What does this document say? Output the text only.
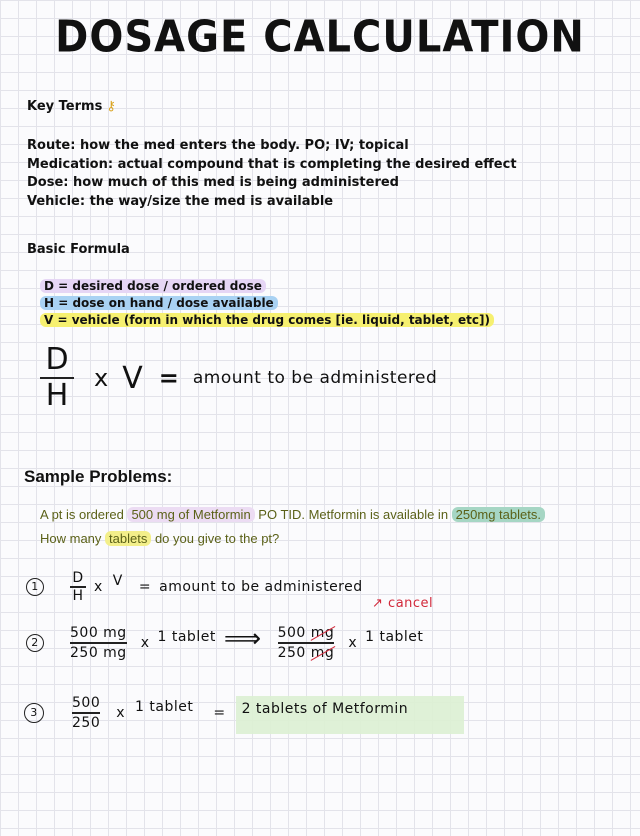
DOSAGE CALCULATION
Key Terms ⚷
Route: how the med enters the body. PO; IV; topical
Medication: actual compound that is completing the desired effect
Dose: how much of this med is being administered
Vehicle: the way/size the med is available
Basic Formula
D = desired dose / ordered dose
H = dose on hand / dose available
V = vehicle (form in which the drug comes [ie. liquid, tablet, etc])
$\frac{D}{H}$ x V = amount to be administered
Sample Problems:
A pt is ordered 500 mg of Metformin PO TID. Metformin is available in 250mg tablets.
How many tablets do you give to the pt?
1	$\frac{D}{H}$ x V = amount to be administered
2	$\frac{500 mg}{250 mg}$ x 1 tablet ⟹ $\frac{500 mg}{250 mg}$ x 1 tablet
↗ cancel
3	$\frac{500}{250}$ x 1 tablet = 2 tablets of Metformin
